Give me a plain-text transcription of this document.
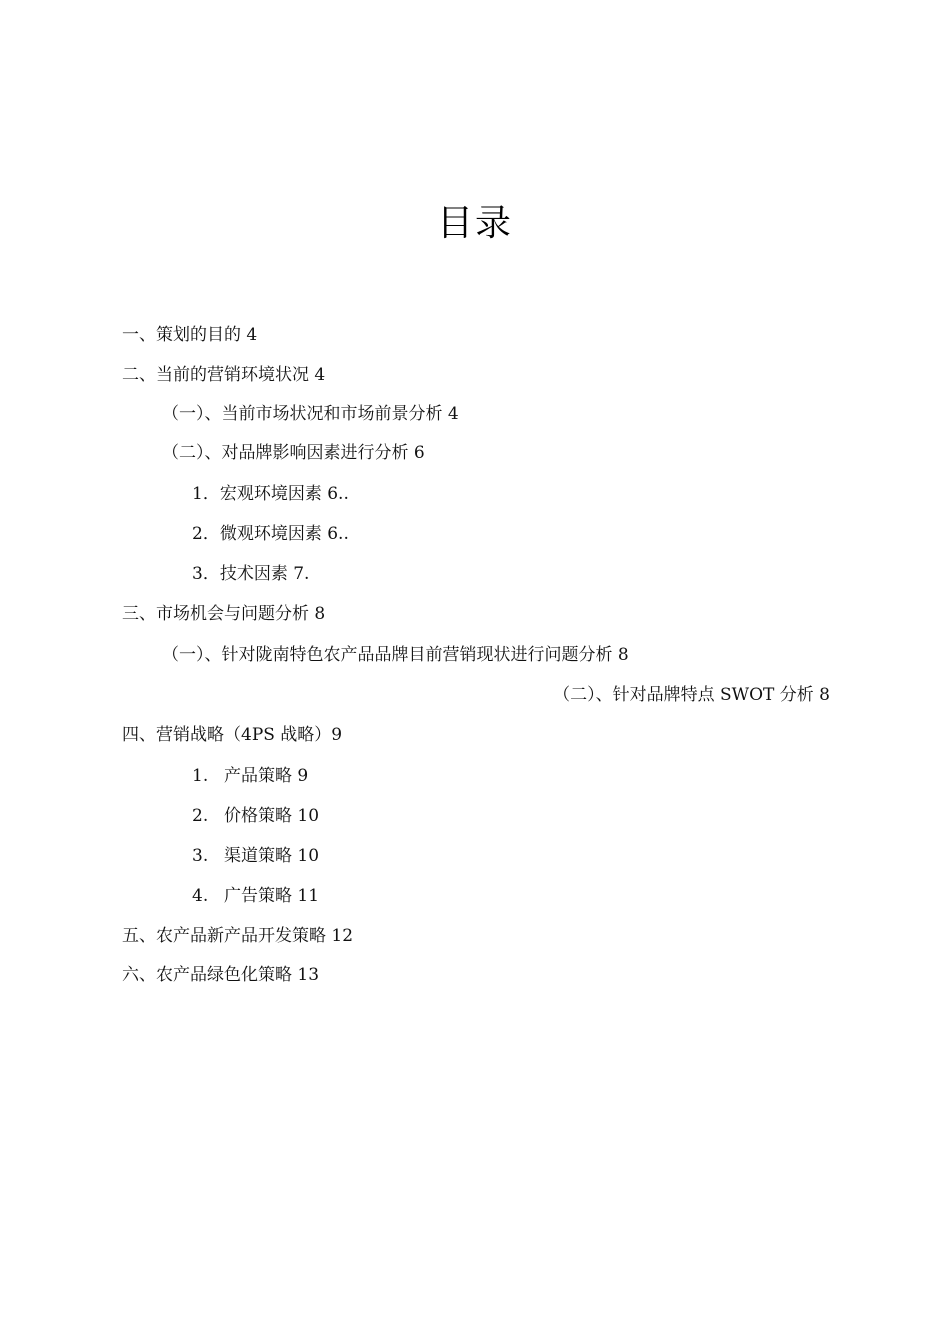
目录
一、策划的目的 4
二、当前的营销环境状况 4
（一）、当前市场状况和市场前景分析 4
（二）、对品牌影响因素进行分析 6
1．宏观环境因素 6..
2．微观环境因素 6..
3．技术因素 7.
三、市场机会与问题分析 8
（一）、针对陇南特色农产品品牌目前营销现状进行问题分析 8
（二）、针对品牌特点 SWOT 分析 8
四、营销战略（4PS 战略）9
1. 产品策略 9
2. 价格策略 10
3. 渠道策略 10
4. 广告策略 11
五、农产品新产品开发策略 12
六、农产品绿色化策略 13
